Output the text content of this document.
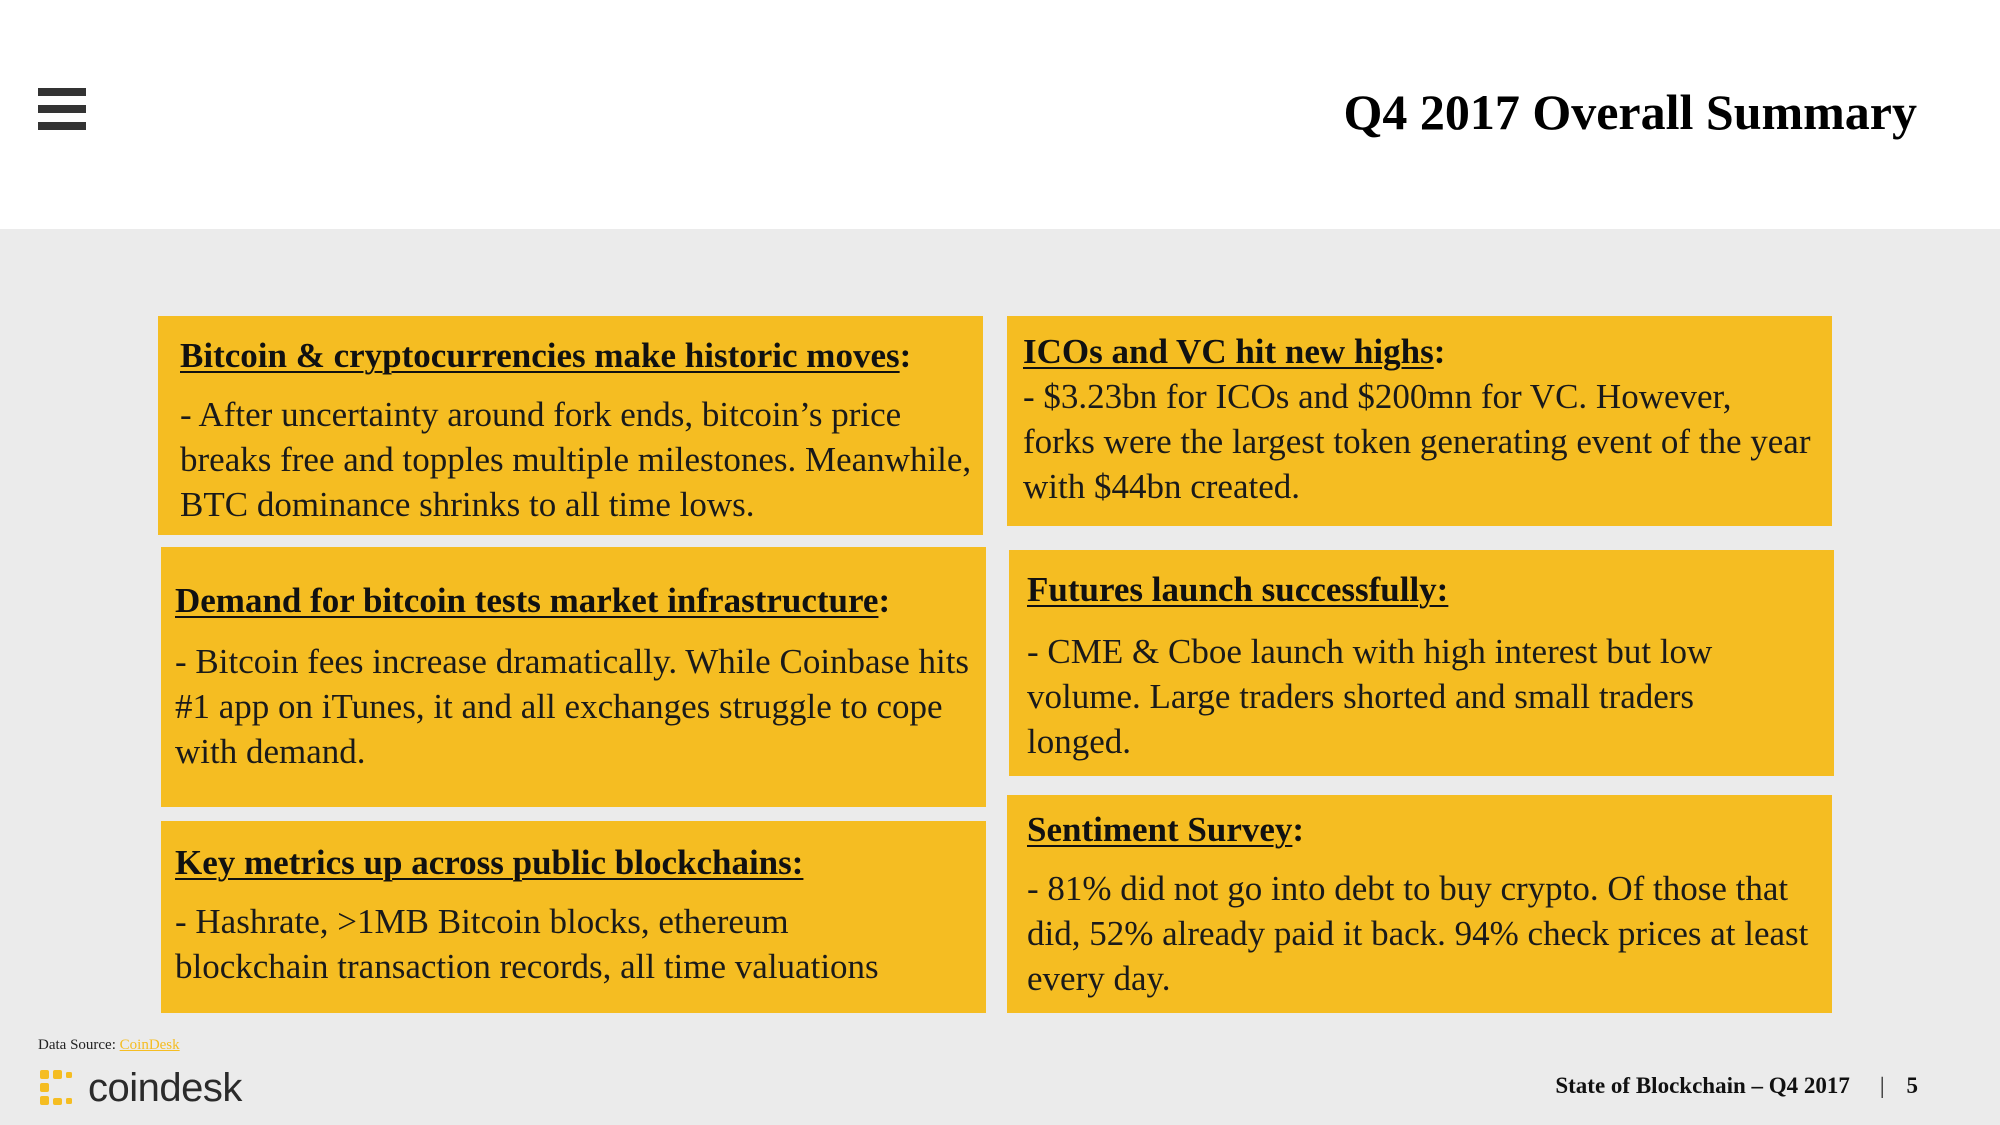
Q4 2017 Overall Summary
Bitcoin & cryptocurrencies make historic moves:
- After uncertainty around fork ends, bitcoin’s price breaks free and topples multiple milestones. Meanwhile, BTC dominance shrinks to all time lows.
ICOs and VC hit new highs:
- $3.23bn for ICOs and $200mn for VC. However, forks were the largest token generating event of the year with $44bn created.
Demand for bitcoin tests market infrastructure:
- Bitcoin fees increase dramatically. While Coinbase hits #1 app on iTunes, it and all exchanges struggle to cope with demand.
Futures launch successfully:
- CME & Cboe launch with high interest but low volume. Large traders shorted and small traders longed.
Key metrics up across public blockchains:
- Hashrate, >1MB Bitcoin blocks, ethereum blockchain transaction records, all time valuations
Sentiment Survey:
- 81% did not go into debt to buy crypto. Of those that did, 52% already paid it back. 94% check prices at least every day.
Data Source: CoinDesk
coindesk	State of Blockchain – Q4 2017 | 5
